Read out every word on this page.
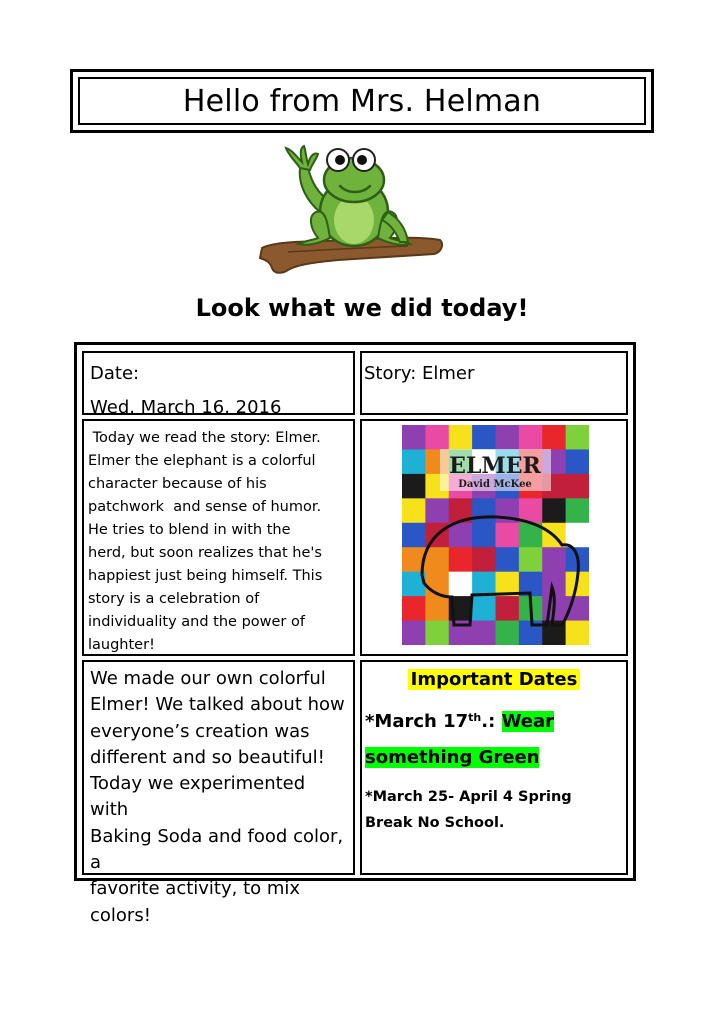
Hello from Mrs. Helman
Look what we did today!
Date:
Wed. March 16, 2016
Story: Elmer
Today we read the story: Elmer.
Elmer the elephant is a colorful
character because of his
patchwork  and sense of humor.
He tries to blend in with the
herd, but soon realizes that he's
happiest just being himself. This
story is a celebration of
individuality and the power of
laughter!
ELMER
David McKee
We made our own colorful
Elmer! We talked about how
everyone’s creation was
different and so beautiful!
Today we experimented with
Baking Soda and food color, a
favorite activity, to mix
colors!
Important Dates
*March 17th.: Wear
something Green
*March 25- April 4 Spring
Break No School.
